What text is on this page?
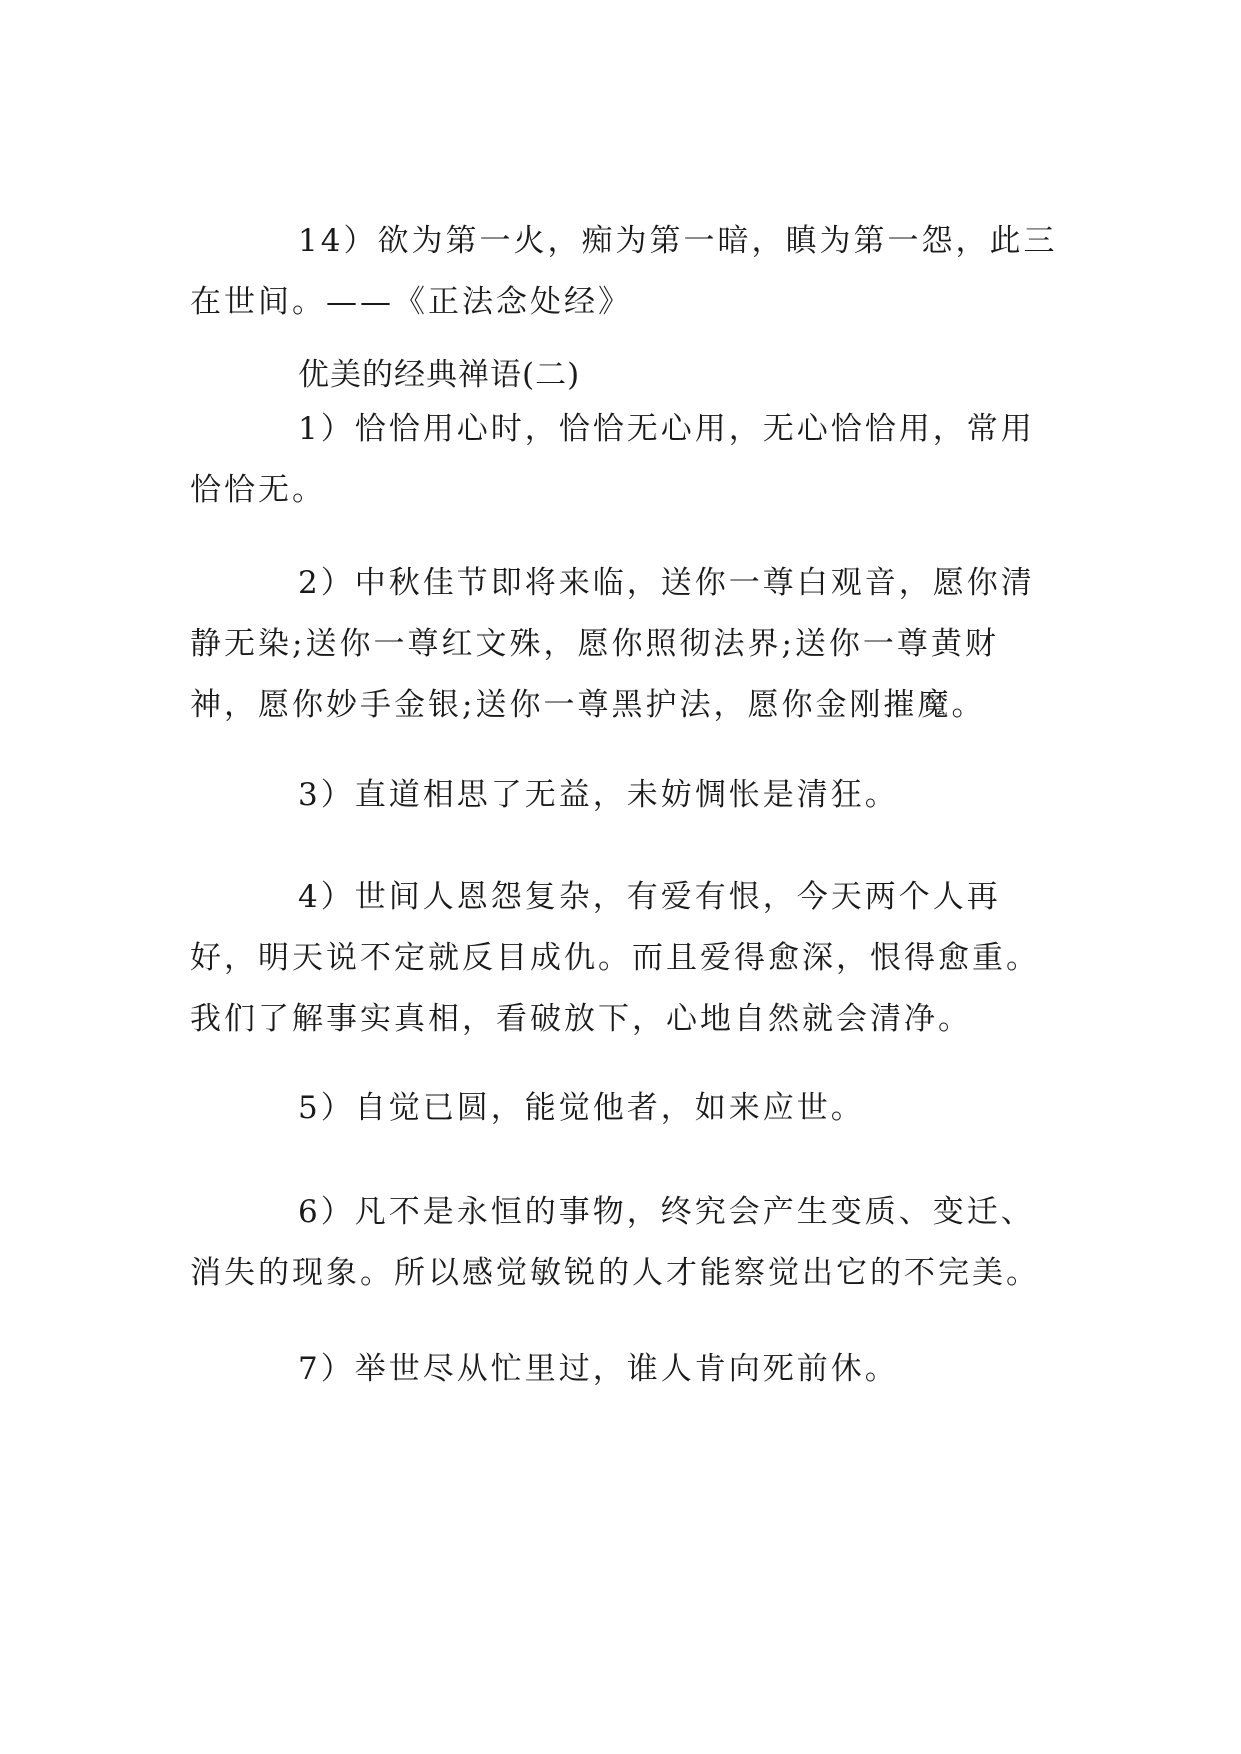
14）欲为第一火，痴为第一暗，瞋为第一怨，此三在世间。——《正法念处经》

优美的经典禅语(二)

1）恰恰用心时，恰恰无心用，无心恰恰用，常用恰恰无。

2）中秋佳节即将来临，送你一尊白观音，愿你清静无染;送你一尊红文殊，愿你照彻法界;送你一尊黄财神，愿你妙手金银;送你一尊黑护法，愿你金刚摧魔。

3）直道相思了无益，未妨惆怅是清狂。

4）世间人恩怨复杂，有爱有恨，今天两个人再好，明天说不定就反目成仇。而且爱得愈深，恨得愈重。我们了解事实真相，看破放下，心地自然就会清净。

5）自觉已圆，能觉他者，如来应世。

6）凡不是永恒的事物，终究会产生变质、变迁、消失的现象。所以感觉敏锐的人才能察觉出它的不完美。

7）举世尽从忙里过，谁人肯向死前休。
